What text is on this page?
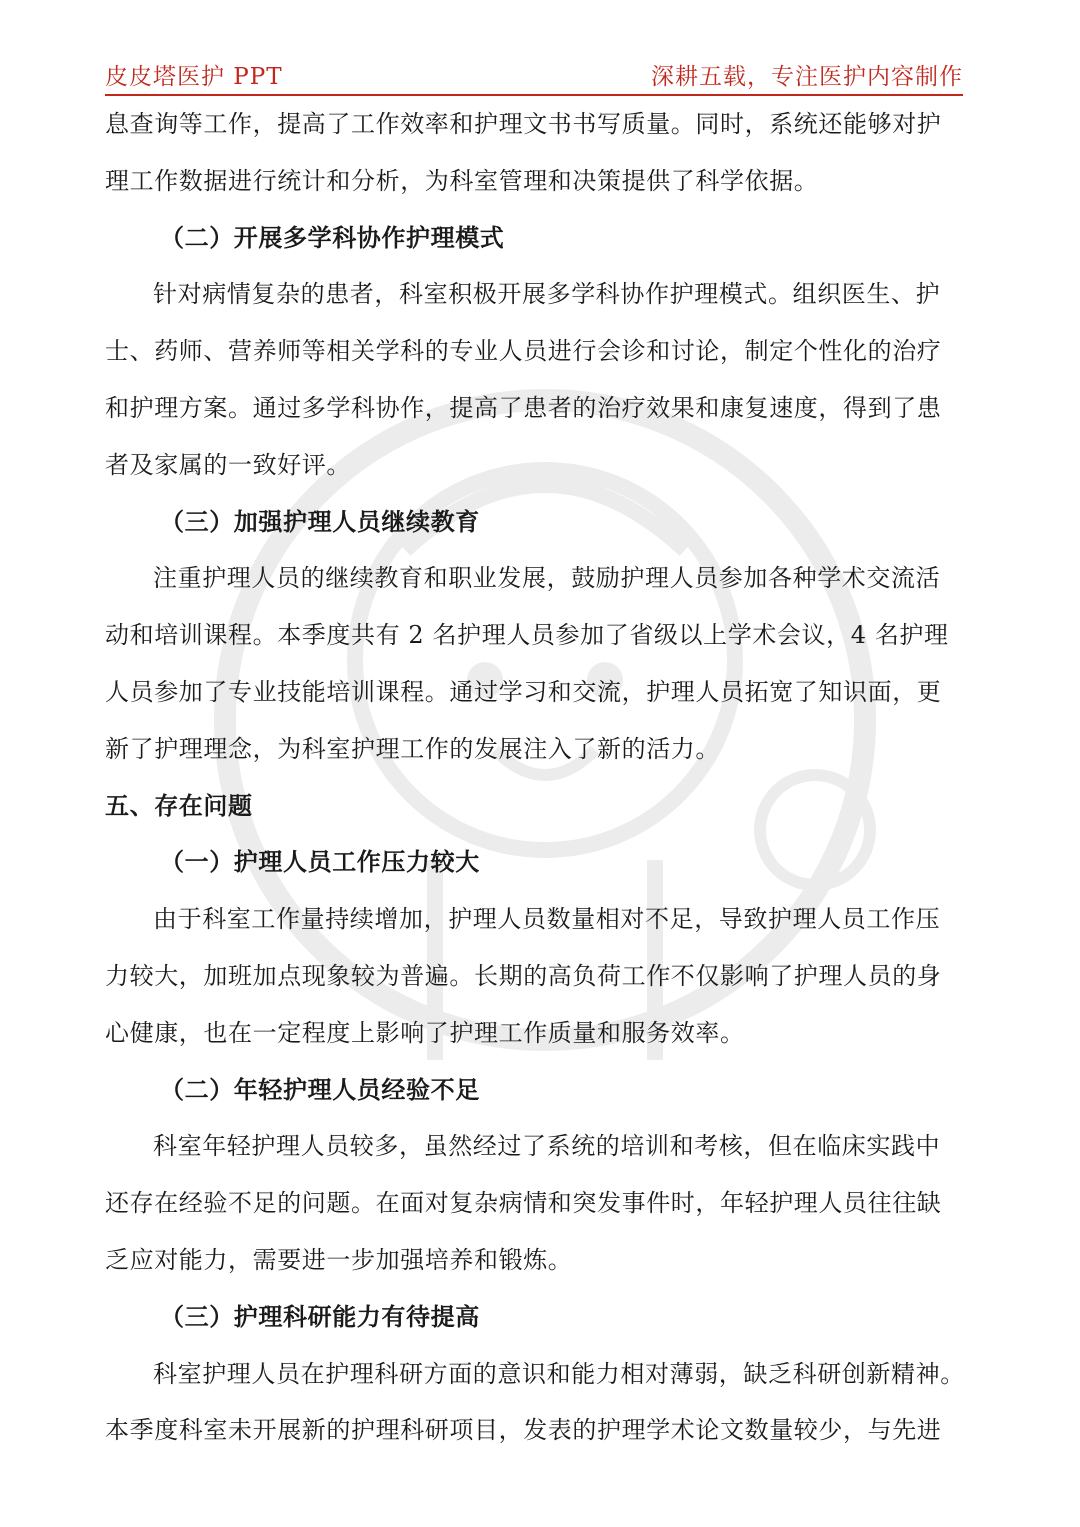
皮皮塔医护 PPT	深耕五载，专注医护内容制作

息查询等工作，提高了工作效率和护理文书书写质量。同时，系统还能够对护
理工作数据进行统计和分析，为科室管理和决策提供了科学依据。

（二）开展多学科协作护理模式

针对病情复杂的患者，科室积极开展多学科协作护理模式。组织医生、护
士、药师、营养师等相关学科的专业人员进行会诊和讨论，制定个性化的治疗
和护理方案。通过多学科协作，提高了患者的治疗效果和康复速度，得到了患
者及家属的一致好评。

（三）加强护理人员继续教育

注重护理人员的继续教育和职业发展，鼓励护理人员参加各种学术交流活
动和培训课程。本季度共有 2 名护理人员参加了省级以上学术会议，4 名护理
人员参加了专业技能培训课程。通过学习和交流，护理人员拓宽了知识面，更
新了护理理念，为科室护理工作的发展注入了新的活力。

五、存在问题

（一）护理人员工作压力较大

由于科室工作量持续增加，护理人员数量相对不足，导致护理人员工作压
力较大，加班加点现象较为普遍。长期的高负荷工作不仅影响了护理人员的身
心健康，也在一定程度上影响了护理工作质量和服务效率。

（二）年轻护理人员经验不足

科室年轻护理人员较多，虽然经过了系统的培训和考核，但在临床实践中
还存在经验不足的问题。在面对复杂病情和突发事件时，年轻护理人员往往缺
乏应对能力，需要进一步加强培养和锻炼。

（三）护理科研能力有待提高

科室护理人员在护理科研方面的意识和能力相对薄弱，缺乏科研创新精神。
本季度科室未开展新的护理科研项目，发表的护理学术论文数量较少，与先进
